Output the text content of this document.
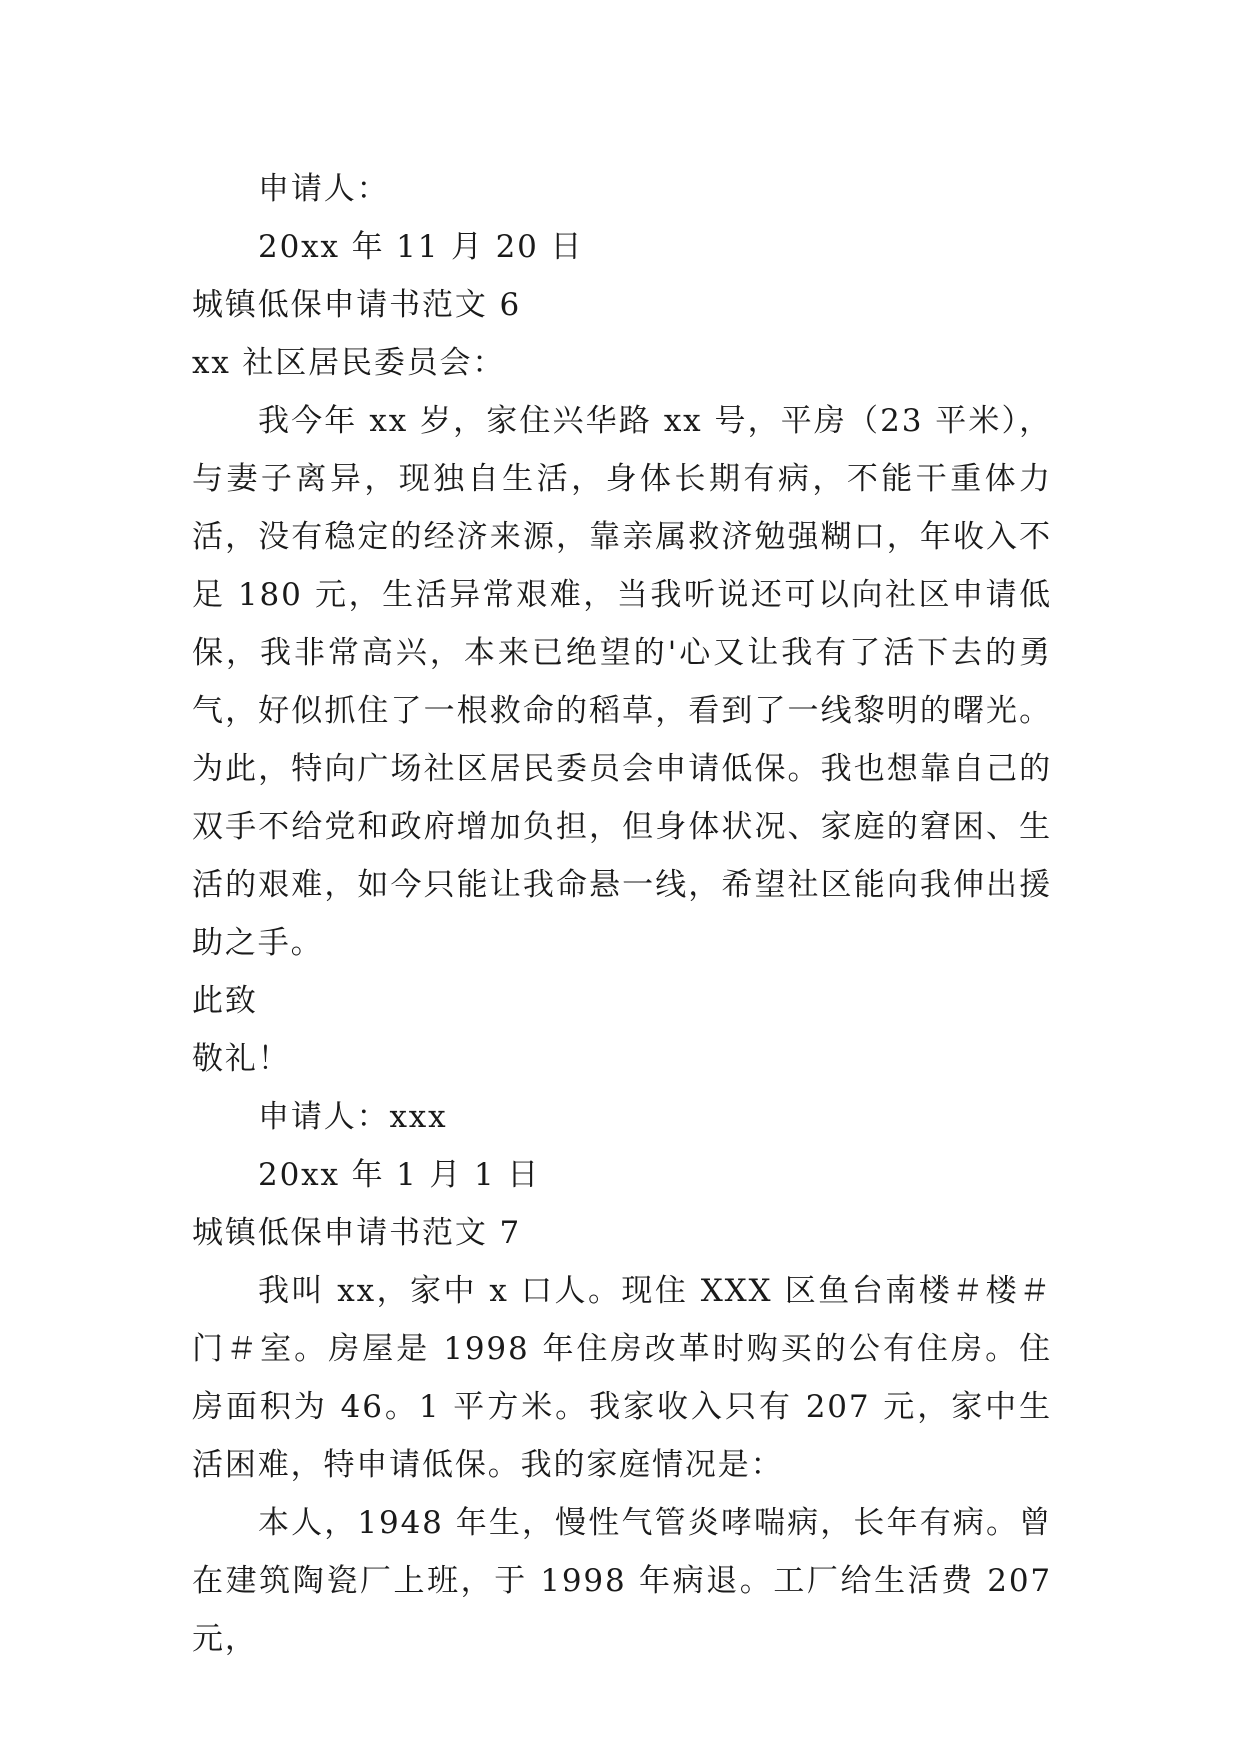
申请人：

20xx 年 11 月 20 日

城镇低保申请书范文 6

xx 社区居民委员会：

我今年 xx 岁，家住兴华路 xx 号，平房（23 平米），与妻子离异，现独自生活，身体长期有病，不能干重体力活，没有稳定的经济来源，靠亲属救济勉强糊口，年收入不足 180 元，生活异常艰难，当我听说还可以向社区申请低保，我非常高兴，本来已绝望的'心又让我有了活下去的勇气，好似抓住了一根救命的稻草，看到了一线黎明的曙光。为此，特向广场社区居民委员会申请低保。我也想靠自己的双手不给党和政府增加负担，但身体状况、家庭的窘困、生活的艰难，如今只能让我命悬一线，希望社区能向我伸出援助之手。

此致

敬礼！

申请人：xxx

20xx 年 1 月 1 日

城镇低保申请书范文 7

我叫 xx，家中 x 口人。现住 XXX 区鱼台南楼＃楼＃门＃室。房屋是 1998 年住房改革时购买的公有住房。住房面积为 46。1 平方米。我家收入只有 207 元，家中生活困难，特申请低保。我的家庭情况是：

本人，1948 年生，慢性气管炎哮喘病，长年有病。曾在建筑陶瓷厂上班，于 1998 年病退。工厂给生活费 207 元，
